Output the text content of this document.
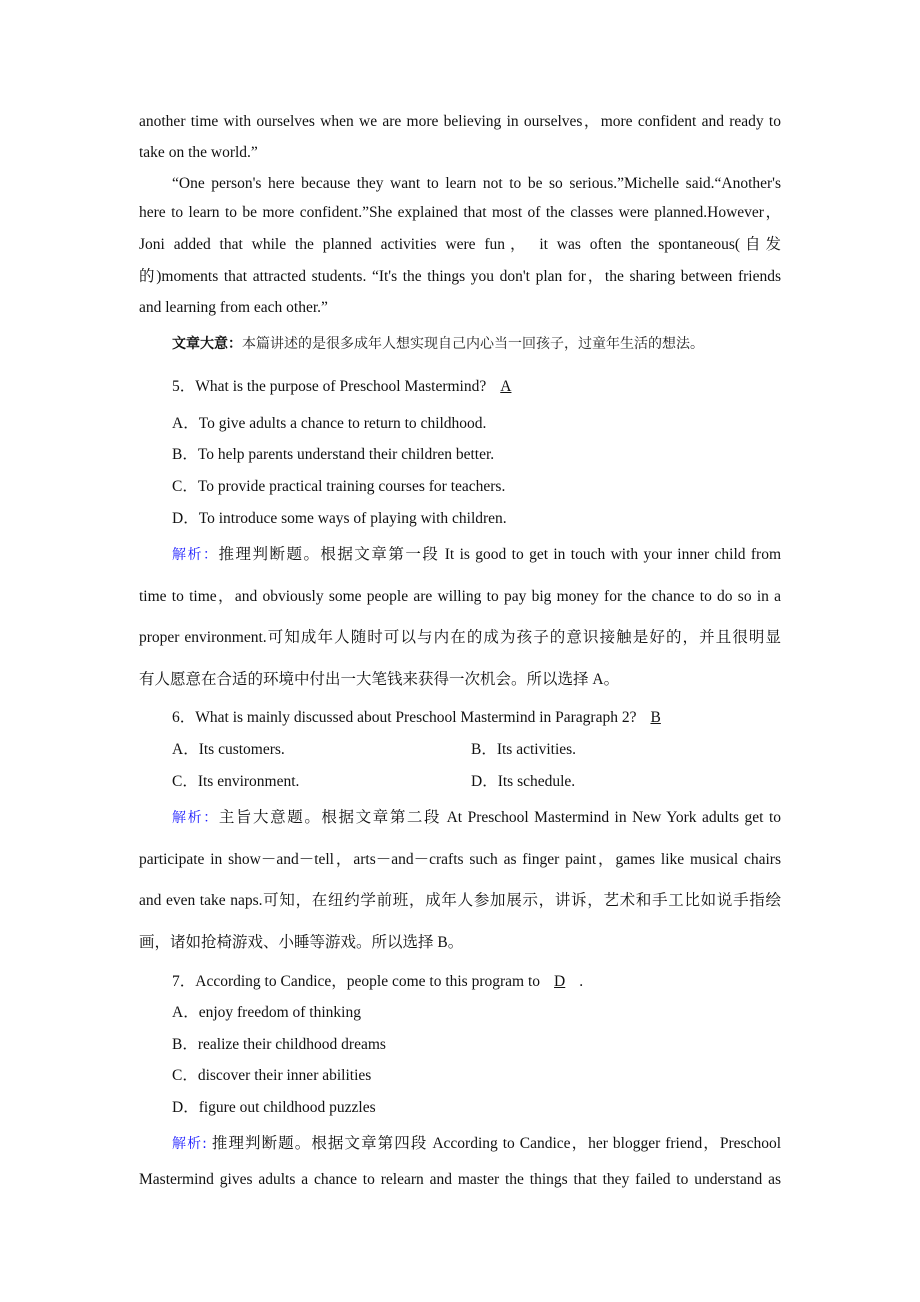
another time with ourselves when we are more believing in ourselves，more confident and ready to
take on the world.”
“One person's here because they want to learn not to be so serious.”Michelle said.“Another's
here to learn to be more confident.”She explained that most of the classes were planned.However，
Joni added that while the planned activities were fun， it was often the spontaneous(自发
的)moments that attracted students. “It's the things you don't plan for，the sharing between friends
and learning from each other.”
文章大意：本篇讲述的是很多成年人想实现自己内心当一回孩子，过童年生活的想法。
5．What is the purpose of Preschool Mastermind? A
A．To give adults a chance to return to childhood.
B．To help parents understand their children better.
C．To provide practical training courses for teachers.
D．To introduce some ways of playing with children.
解析：推理判断题。根据文章第一段 It is good to get in touch with your inner child from
time to time，and obviously some people are willing to pay big money for the chance to do so in a
proper environment.可知成年人随时可以与内在的成为孩子的意识接触是好的，并且很明显
有人愿意在合适的环境中付出一大笔钱来获得一次机会。所以选择 A。
6．What is mainly discussed about Preschool Mastermind in Paragraph 2? B
A．Its customers.	B．Its activities.
C．Its environment.	D．Its schedule.
解析：主旨大意题。根据文章第二段 At Preschool Mastermind in New York adults get to
participate in show－and－tell，arts－and－crafts such as finger paint，games like musical chairs
and even take naps.可知，在纽约学前班，成年人参加展示，讲诉，艺术和手工比如说手指绘
画，诸如抢椅游戏、小睡等游戏。所以选择 B。
7．According to Candice，people come to this program to D .
A．enjoy freedom of thinking
B．realize their childhood dreams
C．discover their inner abilities
D．figure out childhood puzzles
解析: 推理判断题。根据文章第四段 According to Candice，her blogger friend，Preschool
Mastermind gives adults a chance to relearn and master the things that they failed to understand as
